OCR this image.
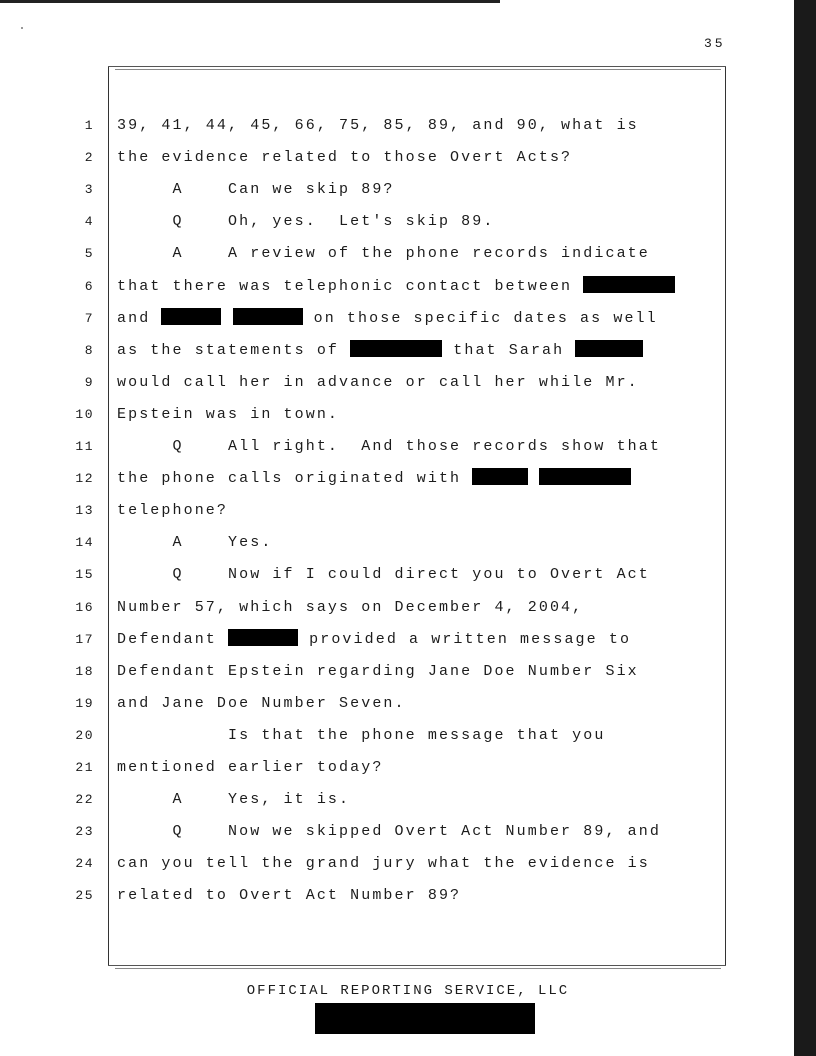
35
1 39, 41, 44, 45, 66, 75, 85, 89, and 90, what is
2 the evidence related to those Overt Acts?
3 A    Can we skip 89?
4 Q    Oh, yes.  Let's skip 89.
5 A    A review of the phone records indicate
6 that there was telephonic contact between
7 and	on those specific dates as well
8 as the statements of	that Sarah
9 would call her in advance or call her while Mr.
10 Epstein was in town.
11 Q    All right.  And those records show that
12 the phone calls originated with
13 telephone?
14 A    Yes.
15 Q    Now if I could direct you to Overt Act
16 Number 57, which says on December 4, 2004,
17 Defendant	provided a written message to
18 Defendant Epstein regarding Jane Doe Number Six
19 and Jane Doe Number Seven.
20 Is that the phone message that you
21 mentioned earlier today?
22 A    Yes, it is.
23 Q    Now we skipped Overt Act Number 89, and
24 can you tell the grand jury what the evidence is
25 related to Overt Act Number 89?
OFFICIAL REPORTING SERVICE, LLC
